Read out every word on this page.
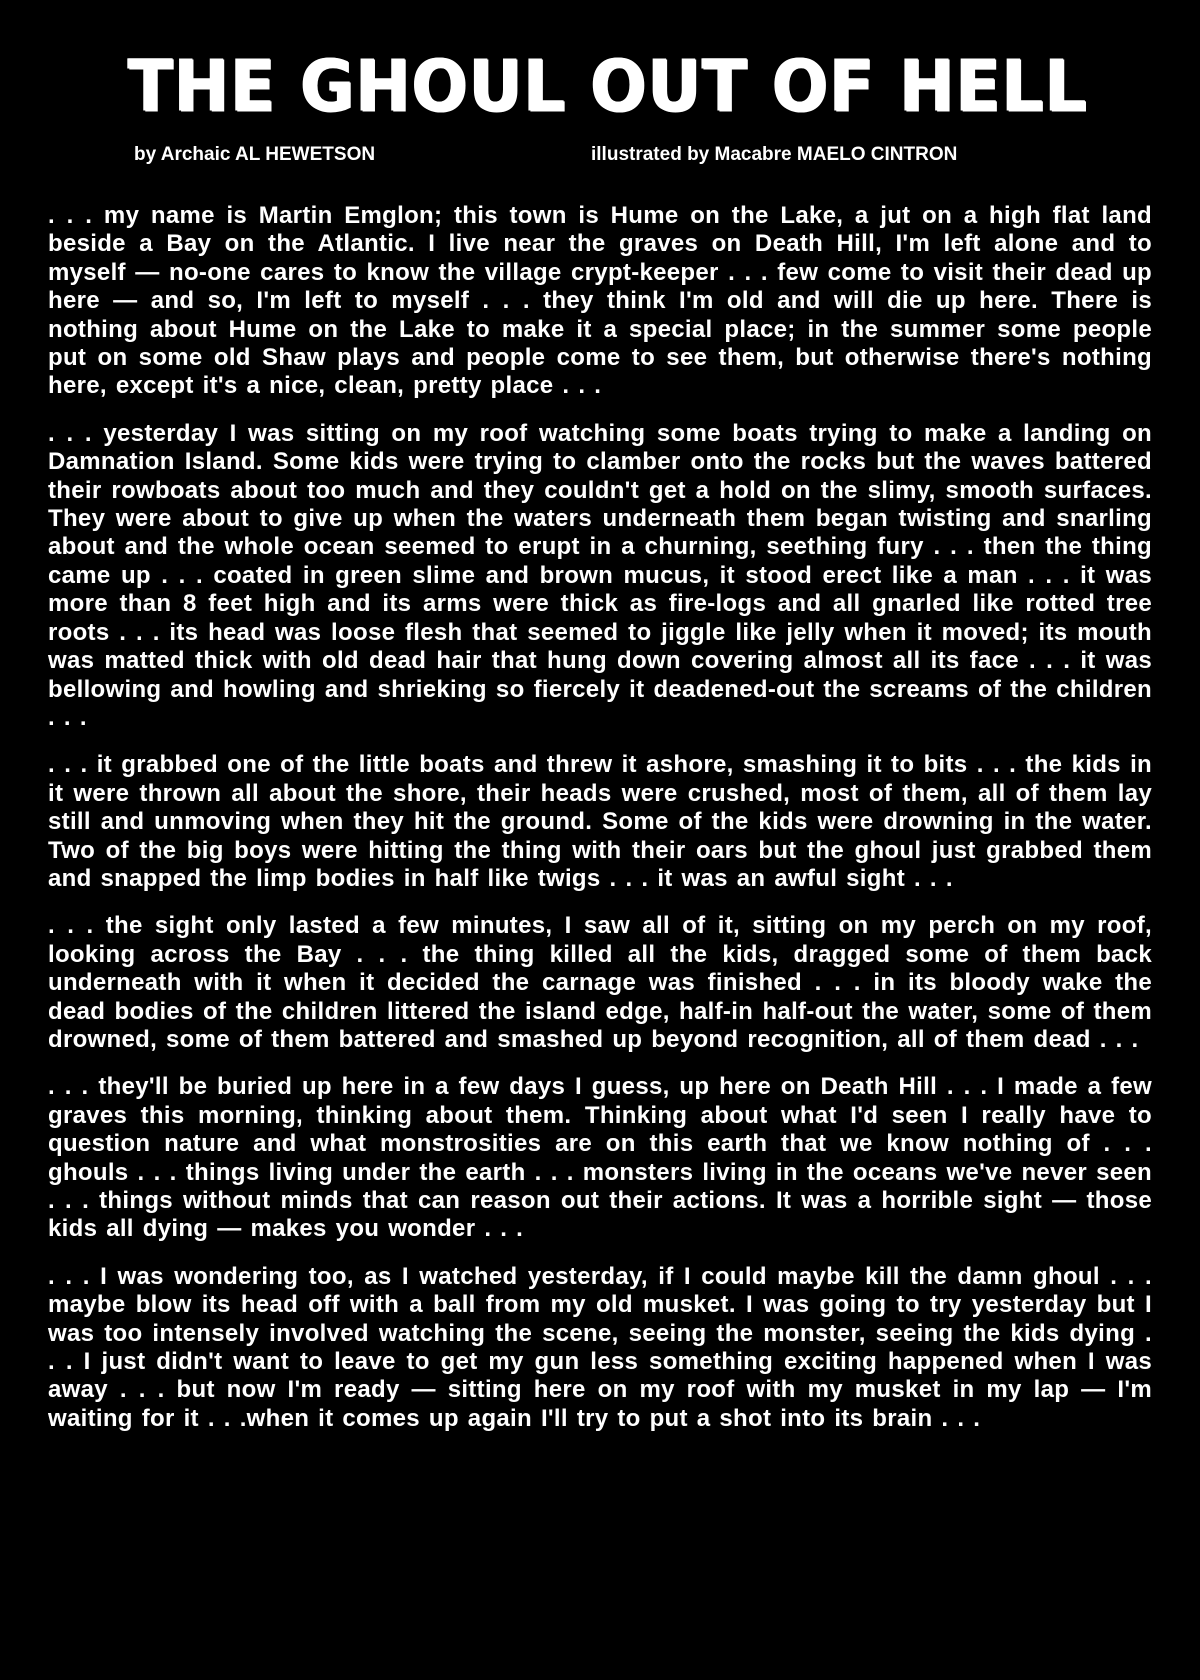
THE GHOUL OUT OF HELL
by Archaic AL HEWETSON	illustrated by Macabre MAELO CINTRON

. . . my name is Martin Emglon; this town is Hume on the Lake, a jut on a high flat land beside a Bay on the Atlantic. I live near the graves on Death Hill, I'm left alone and to myself — no-one cares to know the village crypt-keeper . . . few come to visit their dead up here — and so, I'm left to myself . . . they think I'm old and will die up here. There is nothing about Hume on the Lake to make it a special place; in the summer some people put on some old Shaw plays and people come to see them, but otherwise there's nothing here, except it's a nice, clean, pretty place . . .

. . . yesterday I was sitting on my roof watching some boats trying to make a landing on Damnation Island. Some kids were trying to clamber onto the rocks but the waves battered their rowboats about too much and they couldn't get a hold on the slimy, smooth surfaces. They were about to give up when the waters underneath them began twisting and snarling about and the whole ocean seemed to erupt in a churning, seething fury . . . then the thing came up . . . coated in green slime and brown mucus, it stood erect like a man . . . it was more than 8 feet high and its arms were thick as fire-logs and all gnarled like rotted tree roots . . . its head was loose flesh that seemed to jiggle like jelly when it moved; its mouth was matted thick with old dead hair that hung down covering almost all its face . . . it was bellowing and howling and shrieking so fiercely it deadened-out the screams of the children . . .

. . . it grabbed one of the little boats and threw it ashore, smashing it to bits . . . the kids in it were thrown all about the shore, their heads were crushed, most of them, all of them lay still and unmoving when they hit the ground. Some of the kids were drowning in the water. Two of the big boys were hitting the thing with their oars but the ghoul just grabbed them and snapped the limp bodies in half like twigs . . . it was an awful sight . . .

. . . the sight only lasted a few minutes, I saw all of it, sitting on my perch on my roof, looking across the Bay . . . the thing killed all the kids, dragged some of them back underneath with it when it decided the carnage was finished . . . in its bloody wake the dead bodies of the children littered the island edge, half-in half-out the water, some of them drowned, some of them battered and smashed up beyond recognition, all of them dead . . .

. . . they'll be buried up here in a few days I guess, up here on Death Hill . . . I made a few graves this morning, thinking about them. Thinking about what I'd seen I really have to question nature and what monstrosities are on this earth that we know nothing of . . . ghouls . . . things living under the earth . . . monsters living in the oceans we've never seen . . . things without minds that can reason out their actions. It was a horrible sight — those kids all dying — makes you wonder . . .

. . . I was wondering too, as I watched yesterday, if I could maybe kill the damn ghoul . . . maybe blow its head off with a ball from my old musket. I was going to try yesterday but I was too intensely involved watching the scene, seeing the monster, seeing the kids dying . . . I just didn't want to leave to get my gun less something exciting happened when I was away . . . but now I'm ready — sitting here on my roof with my musket in my lap — I'm waiting for it . . .when it comes up again I'll try to put a shot into its brain . . .
